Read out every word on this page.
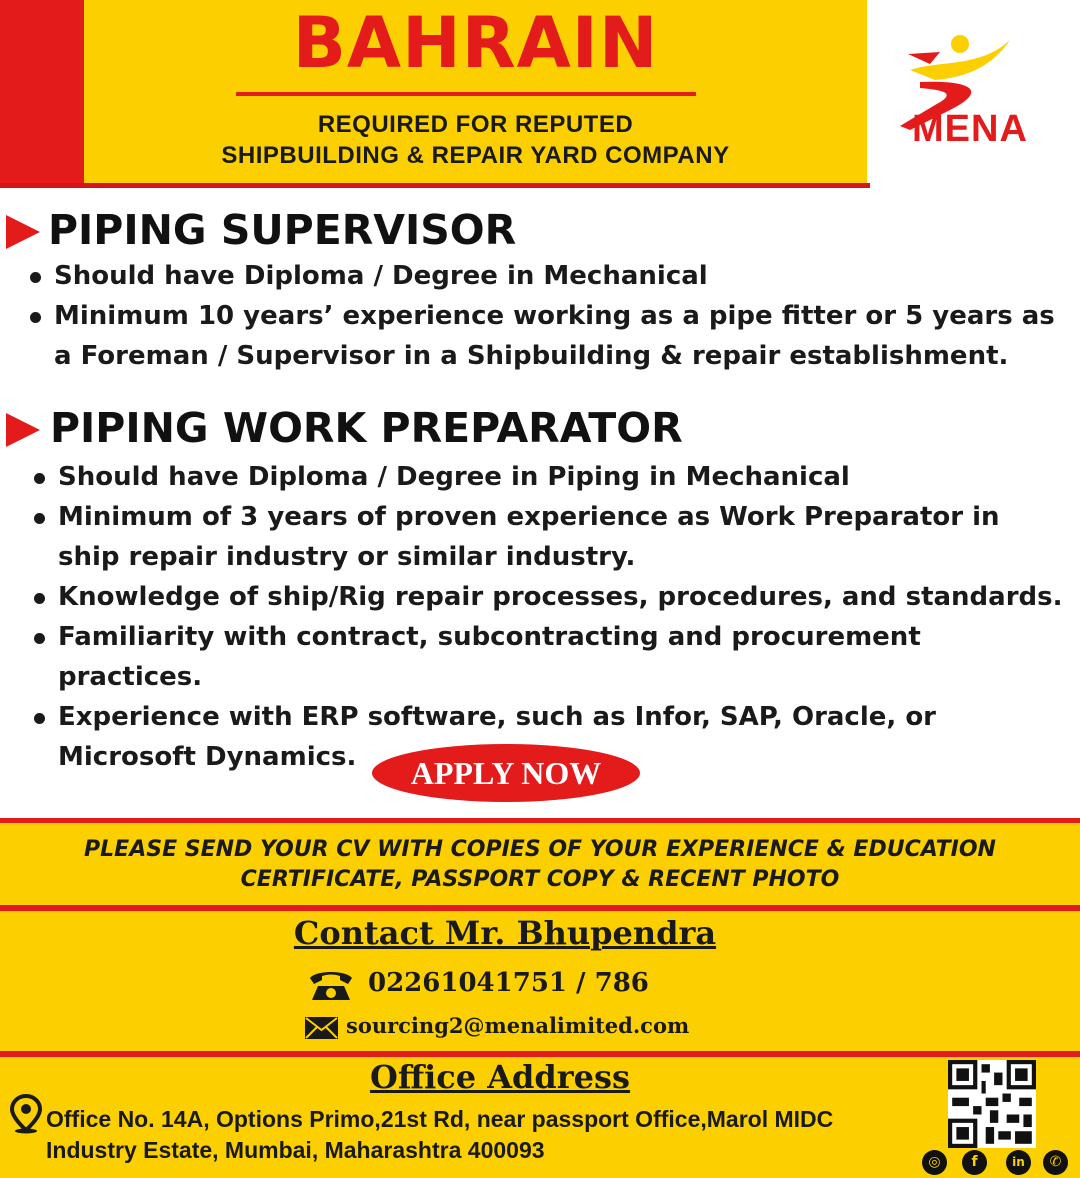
BAHRAIN
REQUIRED FOR REPUTED
SHIPBUILDING & REPAIR YARD COMPANY
MENA
PIPING SUPERVISOR
Should have Diploma / Degree in Mechanical
Minimum 10 years’ experience working as a pipe fitter or 5 years as a Foreman / Supervisor in a Shipbuilding & repair establishment.
PIPING WORK PREPARATOR
Should have Diploma / Degree in Piping in Mechanical
Minimum of 3 years of proven experience as Work Preparator in ship repair industry or similar industry.
Knowledge of ship/Rig repair processes, procedures, and standards.
Familiarity with contract, subcontracting and procurement practices.
Experience with ERP software, such as Infor, SAP, Oracle, or Microsoft Dynamics.	APPLY NOW
PLEASE SEND YOUR CV WITH COPIES OF YOUR EXPERIENCE & EDUCATION
CERTIFICATE, PASSPORT COPY & RECENT PHOTO
Contact Mr. Bhupendra
02261041751 / 786
sourcing2@menalimited.com
Office Address
Office No. 14A, Options Primo,21st Rd, near passport Office,Marol MIDC
Industry Estate, Mumbai, Maharashtra 400093	◎	f	in	✆
